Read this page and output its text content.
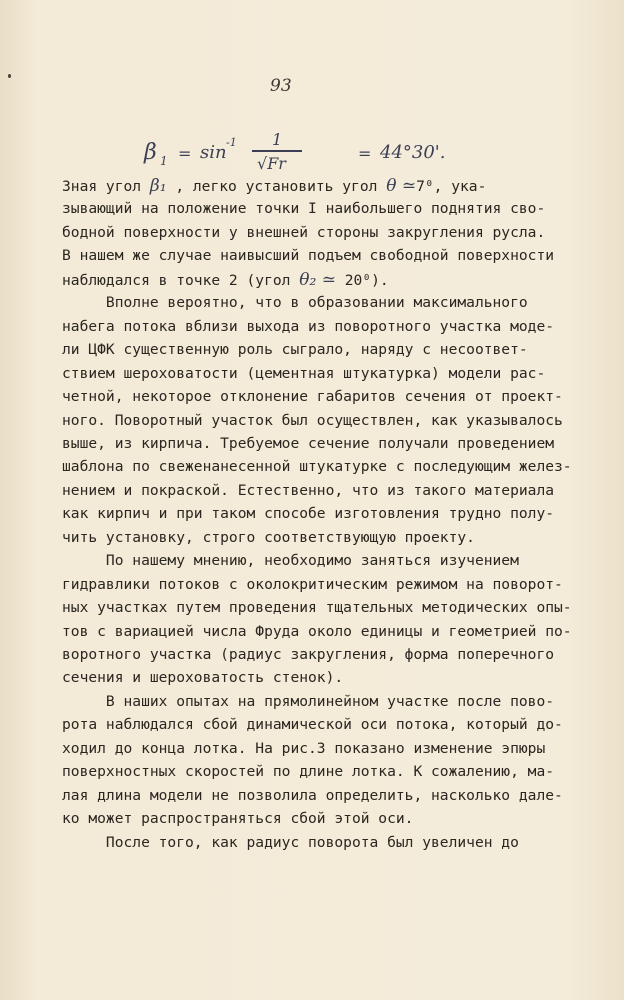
93
β 1 = sin -1 1
√Fr
= 44°30'.
Зная угол β₁ , легко установить угол θ ≃7⁰, ука-
зывающий на положение точки I наибольшего поднятия сво-
бодной поверхности у внешней стороны закругления русла.
В нашем же случае наивысший подъем свободной поверхности
наблюдался в точке 2 (угол θ₂ ≃ 20⁰).
Вполне вероятно, что в образовании максимального
набега потока вблизи выхода из поворотного участка моде-
ли ЦФК существенную роль сыграло, наряду с несоответ-
ствием шероховатости (цементная штукатурка) модели рас-
четной, некоторое отклонение габаритов сечения от проект-
ного. Поворотный участок был осуществлен, как указывалось
выше, из кирпича. Требуемое сечение получали проведением
шаблона по свеженанесенной штукатурке с последующим желез-
нением и покраской. Естественно, что из такого материала
как кирпич и при таком способе изготовления трудно полу-
чить установку, строго соответствующую проекту.
По нашему мнению, необходимо заняться изучением
гидравлики потоков с околокритическим режимом на поворот-
ных участках путем проведения тщательных методических опы-
тов с вариацией числа Фруда около единицы и геометрией по-
воротного участка (радиус закругления, форма поперечного
сечения и шероховатость стенок).
В наших опытах на прямолинейном участке после пово-
рота наблюдался сбой динамической оси потока, который до-
ходил до конца лотка. На рис.3 показано изменение эпюры
поверхностных скоростей по длине лотка. К сожалению, ма-
лая длина модели не позволила определить, насколько дале-
ко может распространяться сбой этой оси.
После того, как радиус поворота был увеличен до
